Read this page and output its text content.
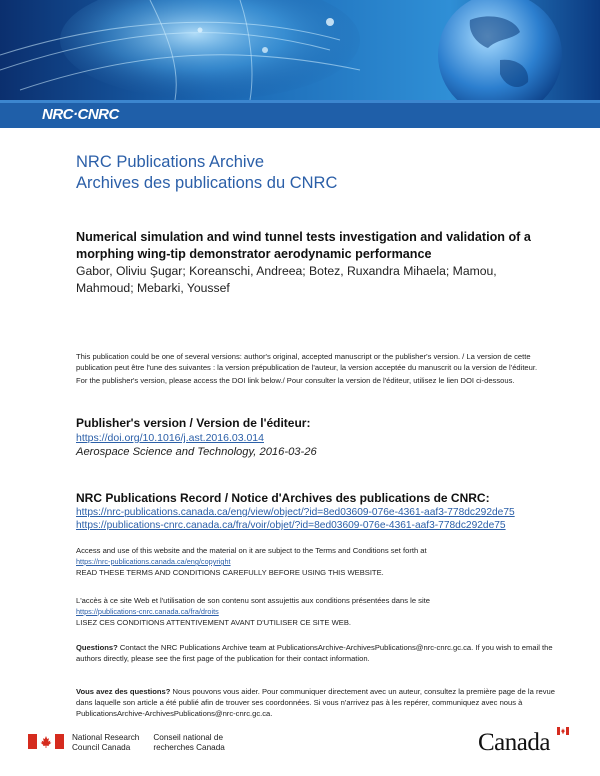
NRC·CNRC
NRC Publications Archive
Archives des publications du CNRC
Numerical simulation and wind tunnel tests investigation and validation of a morphing wing-tip demonstrator aerodynamic performance
Gabor, Oliviu Şugar; Koreanschi, Andreea; Botez, Ruxandra Mihaela; Mamou, Mahmoud; Mebarki, Youssef

This publication could be one of several versions: author's original, accepted manuscript or the publisher's version. / La version de cette publication peut être l'une des suivantes : la version prépublication de l'auteur, la version acceptée du manuscrit ou la version de l'éditeur.

For the publisher's version, please access the DOI link below./ Pour consulter la version de l'éditeur, utilisez le lien DOI ci-dessous.

Publisher's version / Version de l'éditeur:
https://doi.org/10.1016/j.ast.2016.03.014
Aerospace Science and Technology, 2016-03-26
NRC Publications Record / Notice d'Archives des publications de CNRC:
https://nrc-publications.canada.ca/eng/view/object/?id=8ed03609-076e-4361-aaf3-778dc292de75
https://publications-cnrc.canada.ca/fra/voir/objet/?id=8ed03609-076e-4361-aaf3-778dc292de75
Access and use of this website and the material on it are subject to the Terms and Conditions set forth at
https://nrc-publications.canada.ca/eng/copyright
READ THESE TERMS AND CONDITIONS CAREFULLY BEFORE USING THIS WEBSITE.
L'accès à ce site Web et l'utilisation de son contenu sont assujettis aux conditions présentées dans le site
https://publications-cnrc.canada.ca/fra/droits
LISEZ CES CONDITIONS ATTENTIVEMENT AVANT D'UTILISER CE SITE WEB.
Questions? Contact the NRC Publications Archive team at PublicationsArchive-ArchivesPublications@nrc-cnrc.gc.ca. If you wish to email the authors directly, please see the first page of the publication for their contact information.
Vous avez des questions? Nous pouvons vous aider. Pour communiquer directement avec un auteur, consultez la première page de la revue dans laquelle son article a été publié afin de trouver ses coordonnées. Si vous n'arrivez pas à les repérer, communiquez avec nous à PublicationsArchive-ArchivesPublications@nrc-cnrc.gc.ca.
National Research
Council Canada
Conseil national de
recherches Canada	Canada
